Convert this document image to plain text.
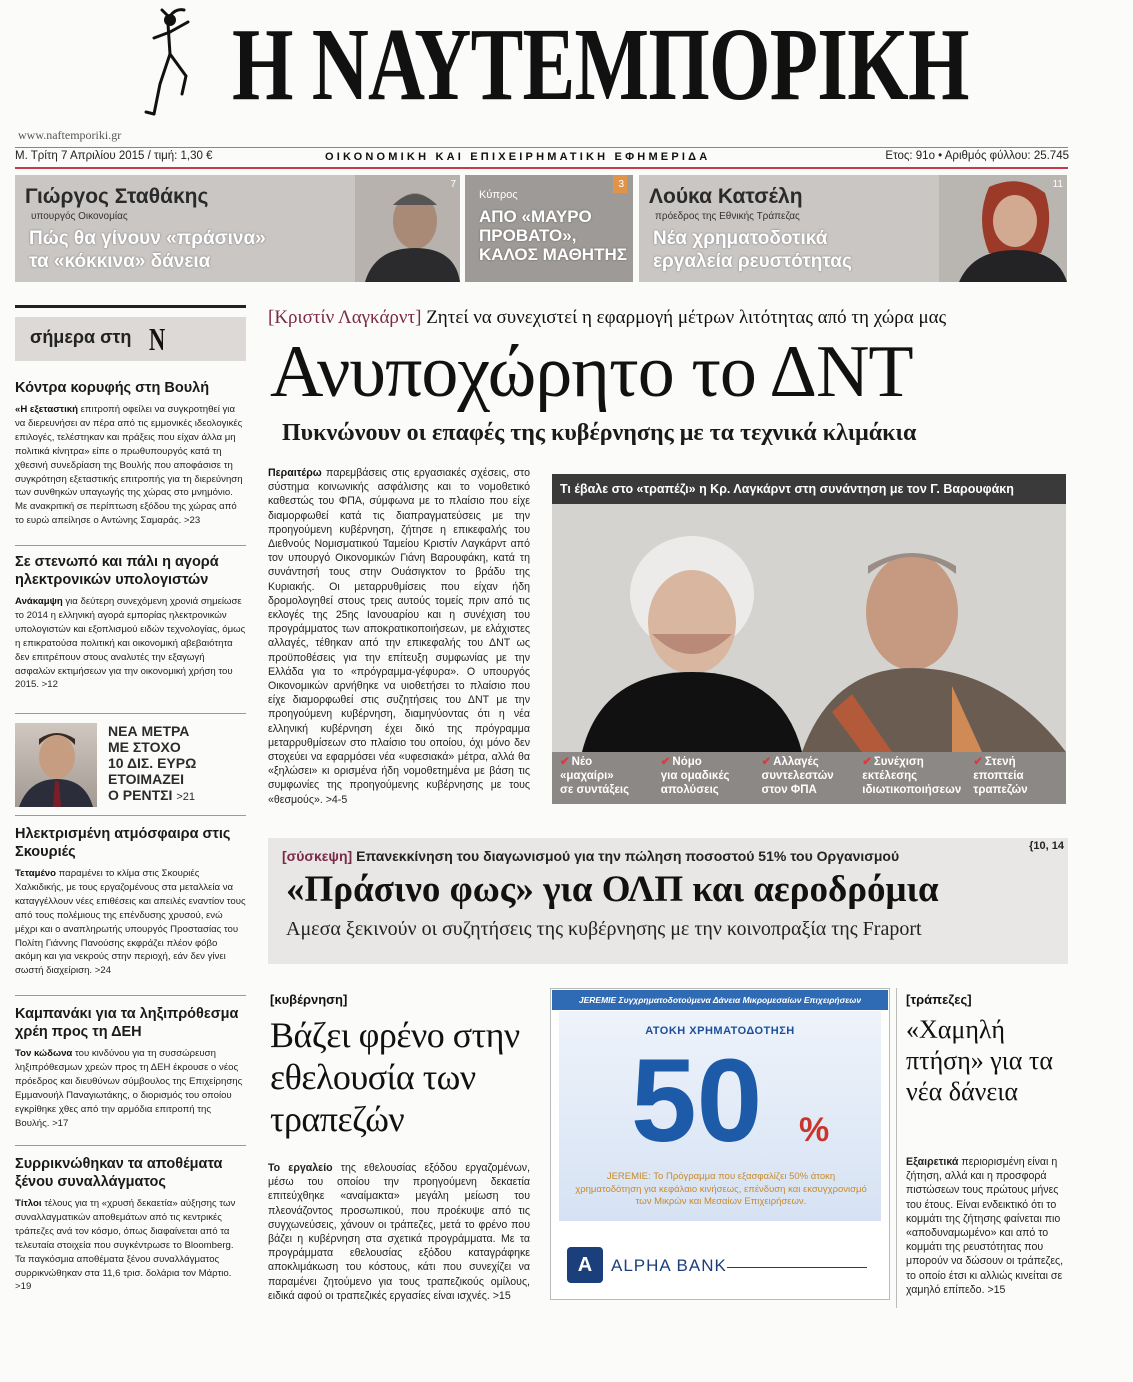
Η ΝΑΥΤΕΜΠΟΡΙΚΗ
www.naftemporiki.gr
Μ. Τρίτη 7 Απριλίου 2015 / τιμή: 1,30 €	ΟΙΚΟΝΟΜΙΚΗ ΚΑΙ ΕΠΙΧΕΙΡΗΜΑΤΙΚΗ ΕΦΗΜΕΡΙΔΑ	Ετος: 91ο • Αριθμός φύλλου: 25.745
Γιώργος Σταθάκης
υπουργός Οικονομίας
Πώς θα γίνουν «πράσινα»
τα «κόκκινα» δάνεια
7
Κύπρος
ΑΠΟ «ΜΑΥΡΟ
ΠΡΟΒΑΤΟ»,
ΚΑΛΟΣ ΜΑΘΗΤΗΣ
3
Λούκα Κατσέλη
πρόεδρος της Εθνικής Τράπεζας
Νέα χρηματοδοτικά
εργαλεία ρευστότητας
11
σήμερα στη N
Κόντρα κορυφής στη Βουλή

«Η εξεταστική επιτροπή οφείλει να συγκροτηθεί για να διερευνήσει αν πέρα από τις εμμονικές ιδεολογικές επιλογές, τελέστηκαν και πράξεις που είχαν άλλα μη πολιτικά κίνητρα» είπε ο πρωθυπουργός κατά τη χθεσινή συνεδρίαση της Βουλής που αποφάσισε τη συγκρότηση εξεταστικής επιτροπής για τη διερεύνηση των συνθηκών υπαγωγής της χώρας στο μνημόνιο. Με ανακριτική σε περίπτωση εξόδου της χώρας από το ευρώ απείλησε ο Αντώνης Σαμαράς. >23

Σε στενωπό και πάλι η αγορά ηλεκτρονικών υπολογιστών

Ανάκαμψη για δεύτερη συνεχόμενη χρονιά σημείωσε το 2014 η ελληνική αγορά εμπορίας ηλεκτρονικών υπολογιστών και εξοπλισμού ειδών τεχνολογίας, όμως η επικρατούσα πολιτική και οικονομική αβεβαιότητα δεν επιτρέπουν στους αναλυτές την εξαγωγή ασφαλών εκτιμήσεων για την οικονομική χρήση του 2015. >12

ΝΕΑ ΜΕΤΡΑ
ΜΕ ΣΤΟΧΟ
10 ΔΙΣ. ΕΥΡΩ
ΕΤΟΙΜΑΖΕΙ
Ο ΡΕΝΤΣΙ >21
Ηλεκτρισμένη ατμόσφαιρα στις Σκουριές

Τεταμένο παραμένει το κλίμα στις Σκουριές Χαλκιδικής, με τους εργαζομένους στα μεταλλεία να καταγγέλλουν νέες επιθέσεις και απειλές εναντίον τους από τους πολέμιους της επένδυσης χρυσού, ενώ μέχρι και ο αναπληρωτής υπουργός Προστασίας του Πολίτη Γιάννης Πανούσης εκφράζει πλέον φόβο ακόμη και για νεκρούς στην περιοχή, εάν δεν γίνει σωστή διαχείριση. >24

Καμπανάκι για τα ληξιπρόθεσμα χρέη προς τη ΔΕΗ

Τον κώδωνα του κινδύνου για τη συσσώρευση ληξιπρόθεσμων χρεών προς τη ΔΕΗ έκρουσε ο νέος πρόεδρος και διευθύνων σύμβουλος της Επιχείρησης Εμμανουήλ Παναγιωτάκης, ο διορισμός του οποίου εγκρίθηκε χθες από την αρμόδια επιτροπή της Βουλής. >17

Συρρικνώθηκαν τα αποθέματα ξένου συναλλάγματος

Τίτλοι τέλους για τη «χρυσή δεκαετία» αύξησης των συναλλαγματικών αποθεμάτων από τις κεντρικές τράπεζες ανά τον κόσμο, όπως διαφαίνεται από τα τελευταία στοιχεία που συγκέντρωσε το Bloomberg. Τα παγκόσμια αποθέματα ξένου συναλλάγματος συρρικνώθηκαν στα 11,6 τρισ. δολάρια τον Μάρτιο. >19

[Κριστίν Λαγκάρντ] Ζητεί να συνεχιστεί η εφαρμογή μέτρων λιτότητας από τη χώρα μας
Ανυποχώρητο το ΔΝΤ
Πυκνώνουν οι επαφές της κυβέρνησης με τα τεχνικά κλιμάκια
Περαιτέρω παρεμβάσεις στις εργασιακές σχέσεις, στο σύστημα κοινωνικής ασφάλισης και το νομοθετικό καθεστώς του ΦΠΑ, σύμφωνα με το πλαίσιο που είχε διαμορφωθεί κατά τις διαπραγματεύσεις με την προηγούμενη κυβέρνηση, ζήτησε η επικεφαλής του Διεθνούς Νομισματικού Ταμείου Κριστίν Λαγκάρντ από τον υπουργό Οικονομικών Γιάνη Βαρουφάκη, κατά τη συνάντησή τους στην Ουάσιγκτον το βράδυ της Κυριακής. Οι μεταρρυθμίσεις που είχαν ήδη δρομολογηθεί στους τρεις αυτούς τομείς πριν από τις εκλογές της 25ης Ιανουαρίου και η συνέχιση του προγράμματος των αποκρατικοποιήσεων, με ελάχιστες αλλαγές, τέθηκαν από την επικεφαλής του ΔΝΤ ως προϋποθέσεις για την επίτευξη συμφωνίας με την Ελλάδα για το «πρόγραμμα-γέφυρα». Ο υπουργός Οικονομικών αρνήθηκε να υιοθετήσει το πλαίσιο που είχε διαμορφωθεί στις συζητήσεις του ΔΝΤ με την προηγούμενη κυβέρνηση, διαμηνύοντας ότι η νέα ελληνική κυβέρνηση έχει δικό της πρόγραμμα μεταρρυθμίσεων στο πλαίσιο του οποίου, όχι μόνο δεν στοχεύει να εφαρμόσει νέα «υφεσιακά» μέτρα, αλλά θα «ξηλώσει» κι ορισμένα ήδη νομοθετημένα με βάση τις συμφωνίες της προηγούμενης κυβέρνησης με τους «θεσμούς». >4-5
Τι έβαλε στο «τραπέζι» η Κρ. Λαγκάρντ στη συνάντηση με τον Γ. Βαρουφάκη
✔ Νέο
«μαχαίρι»
σε συντάξεις
✔ Νόμο
για ομαδικές
απολύσεις
✔ Αλλαγές
συντελεστών
στον ΦΠΑ
✔ Συνέχιση
εκτέλεσης
ιδιωτικοποιήσεων
✔ Στενή
εποπτεία
τραπεζών
[σύσκεψη] Επανεκκίνηση του διαγωνισμού για την πώληση ποσοστού 51% του Οργανισμού
«Πράσινο φως» για ΟΛΠ και αεροδρόμια
Αμεσα ξεκινούν οι συζητήσεις της κυβέρνησης με την κοινοπραξία της Fraport
{10, 14
[κυβέρνηση]
Βάζει φρένο στην εθελουσία των τραπεζών
Το εργαλείο της εθελουσίας εξόδου εργαζομένων, μέσω του οποίου την προηγούμενη δεκαετία επιτεύχθηκε «αναίμακτα» μεγάλη μείωση του πλεονάζοντος προσωπικού, που προέκυψε από τις συγχωνεύσεις, χάνουν οι τράπεζες, μετά το φρένο που βάζει η κυβέρνηση στα σχετικά προγράμματα. Με τα προγράμματα εθελουσίας εξόδου καταγράφηκε αποκλιμάκωση του κόστους, κάτι που συνεχίζει να παραμένει ζητούμενο για τους τραπεζικούς ομίλους, ειδικά αφού οι τραπεζικές εργασίες είναι ισχνές. >15
JEREMIE Συγχρηματοδοτούμενα Δάνεια Μικρομεσαίων Επιχειρήσεων
ΑΤΟΚΗ ΧΡΗΜΑΤΟΔΟΤΗΣΗ
50 %
JEREMIE: Το Πρόγραμμα που εξασφαλίζει 50% άτοκη χρηματοδότηση για κεφάλαιο κινήσεως, επένδυση και εκσυγχρονισμό των Μικρών και Μεσαίων Επιχειρήσεων.
A	ALPHA BANK
[τράπεζες]
«Χαμηλή πτήση» για τα νέα δάνεια
Εξαιρετικά περιορισμένη είναι η ζήτηση, αλλά και η προσφορά πιστώσεων τους πρώτους μήνες του έτους. Είναι ενδεικτικό ότι το κομμάτι της ζήτησης φαίνεται πιο «αποδυναμωμένο» και από το κομμάτι της ρευστότητας που μπορούν να δώσουν οι τράπεζες, το οποίο έτσι κι αλλιώς κινείται σε χαμηλό επίπεδο. >15
